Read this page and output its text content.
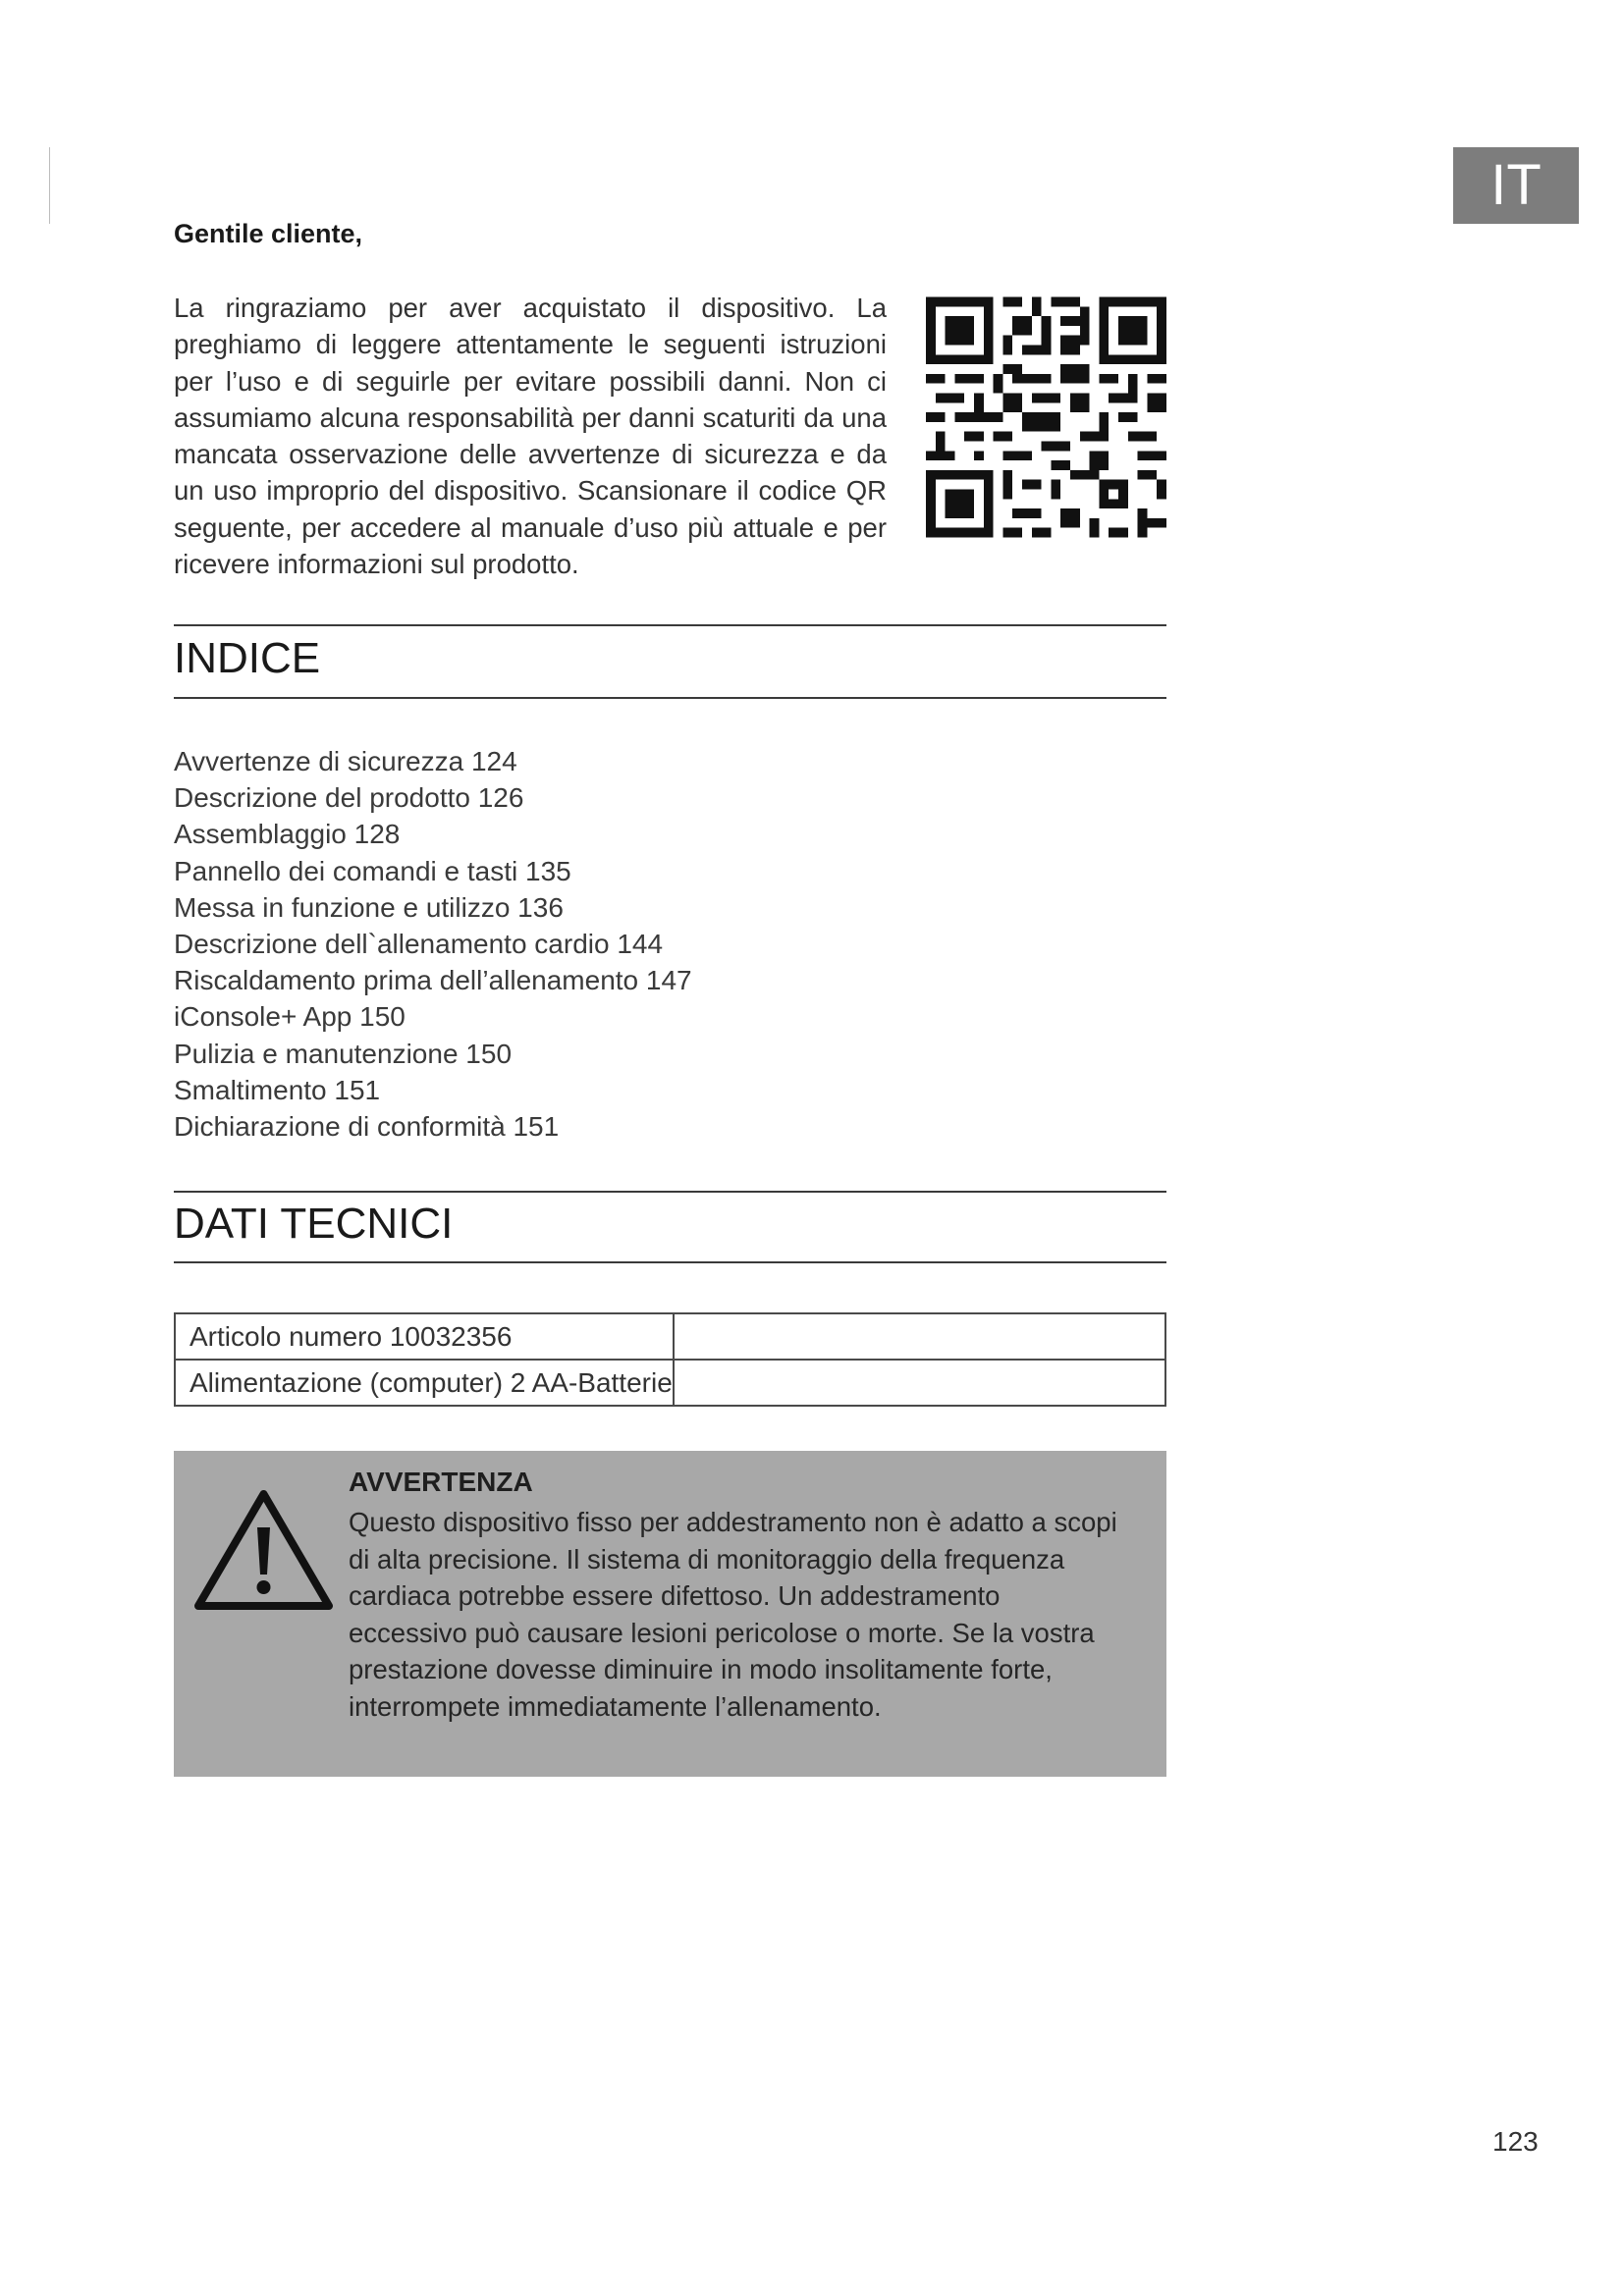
IT
Gentile cliente,
La ringraziamo per aver acquistato il dispositivo. La preghiamo di leggere attentamente le seguenti istruzioni per l’uso e di seguirle per evitare possibili danni. Non ci assumiamo alcuna responsabilità per danni scaturiti da una mancata osservazione delle avvertenze di sicurezza e da un uso improprio del dispositivo. Scansionare il codice QR seguente, per accedere al manuale d’uso più attuale e per ricevere informazioni sul prodotto.
INDICE
Avvertenze di sicurezza 124
Descrizione del prodotto 126
Assemblaggio 128
Pannello dei comandi e tasti 135
Messa in funzione e utilizzo 136
Descrizione dell`allenamento cardio 144
Riscaldamento prima dell’allenamento 147
iConsole+ App 150
Pulizia e manutenzione 150
Smaltimento 151
Dichiarazione di conformità 151
DATI TECNICI
Articolo numero 10032356	
Alimentazione (computer) 2 AA-Batterie	
AVVERTENZA
Questo dispositivo fisso per addestramento non è adatto a scopi di alta precisione. Il sistema di monitoraggio della frequenza cardiaca potrebbe essere difettoso. Un addestramento eccessivo può causare lesioni pericolose o morte. Se la vostra prestazione dovesse diminuire in modo insolitamente forte, interrompete immediatamente l’allenamento.
123
